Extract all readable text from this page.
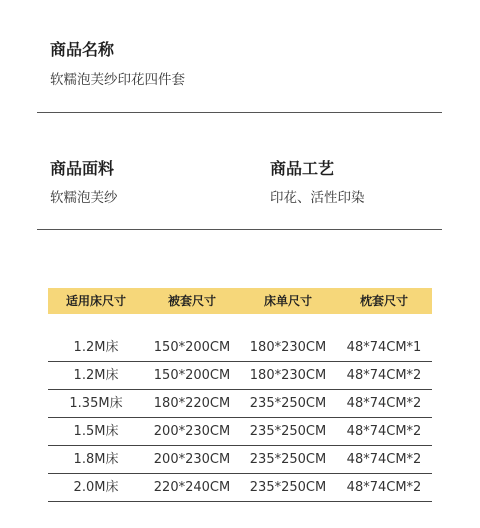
商品名称
软糯泡芙纱印花四件套
商品面料
软糯泡芙纱
商品工艺
印花、活性印染
适用床尺寸	被套尺寸	床单尺寸	枕套尺寸
1.2M床	150*200CM	180*230CM	48*74CM*1
1.2M床	150*200CM	180*230CM	48*74CM*2
1.35M床	180*220CM	235*250CM	48*74CM*2
1.5M床	200*230CM	235*250CM	48*74CM*2
1.8M床	200*230CM	235*250CM	48*74CM*2
2.0M床	220*240CM	235*250CM	48*74CM*2
